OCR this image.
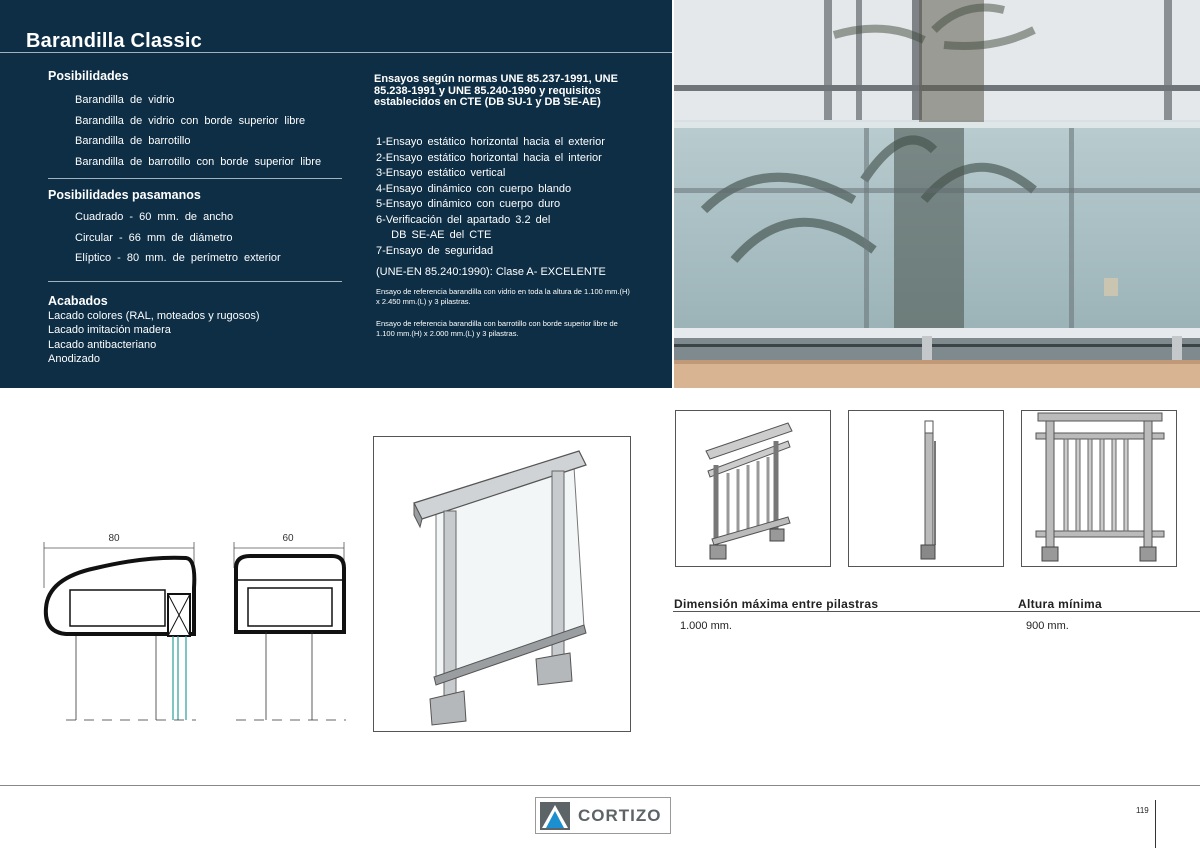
Barandilla Classic
Posibilidades
Barandilla de vidrio
Barandilla de vidrio con borde superior libre
Barandilla de barrotillo
Barandilla de barrotillo con borde superior libre
Posibilidades pasamanos
Cuadrado - 60 mm. de ancho
Circular - 66 mm de diámetro
Elíptico - 80 mm. de perímetro exterior
Acabados
Lacado colores (RAL, moteados y rugosos)
Lacado imitación madera
Lacado antibacteriano
Anodizado
Ensayos según normas UNE 85.237-1991, UNE 85.238-1991 y UNE 85.240-1990 y requisitos establecidos en CTE (DB SU-1 y DB SE-AE)
1-Ensayo estático horizontal hacia el exterior
2-Ensayo estático horizontal hacia el interior
3-Ensayo estático vertical
4-Ensayo dinámico con cuerpo blando
5-Ensayo dinámico con cuerpo duro
6-Verificación del apartado 3.2 del
DB SE-AE del CTE
7-Ensayo de seguridad
(UNE-EN 85.240:1990): Clase A- EXCELENTE
Ensayo de referencia barandilla con vidrio en toda la altura de 1.100 mm.(H) x 2.450 mm.(L) y 3 pilastras.
Ensayo de referencia barandilla con barrotillo con borde superior libre de 1.100 mm.(H) x 2.000 mm.(L) y 3 pilastras.
80	60
Dimensión máxima entre pilastras	Altura mínima
1.000 mm.	900 mm.
CORTIZO	119
